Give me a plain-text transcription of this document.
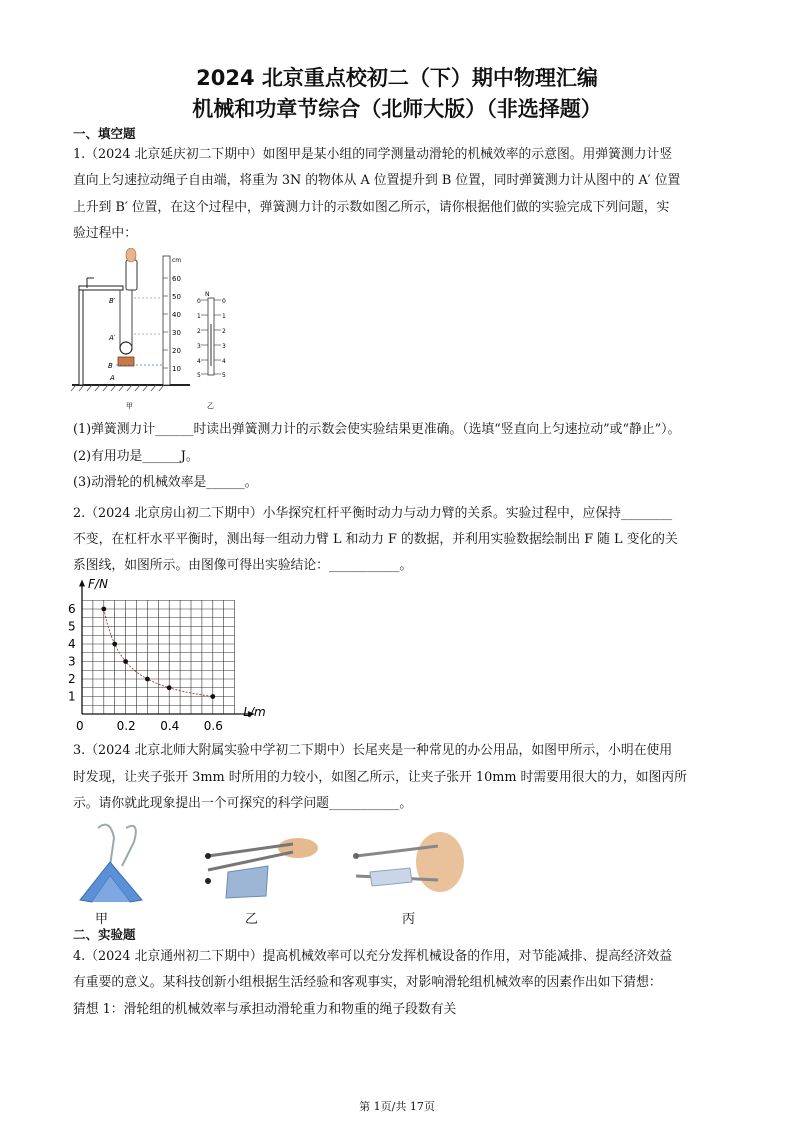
2024 北京重点校初二（下）期中物理汇编
机械和功章节综合（北师大版）（非选择题）
一、填空题
1.（2024 北京延庆初二下期中）如图甲是某小组的同学测量动滑轮的机械效率的示意图。用弹簧测力计竖
直向上匀速拉动绳子自由端，将重为 3N 的物体从 A 位置提升到 B 位置，同时弹簧测力计从图中的 A′ 位置
上升到 B′ 位置，在这个过程中，弹簧测力计的示数如图乙所示，请你根据他们做的实验完成下列问题，实
验过程中：
B′
A′
B
A
cm
60
50
40
30
20
10
甲
N
0
1
2
3
4
5
0
1
2
3
4
5
乙
(1)弹簧测力计______时读出弹簧测力计的示数会使实验结果更准确。（选填“竖直向上匀速拉动”或“静止”）。
(2)有用功是______J。
(3)动滑轮的机械效率是______。
2.（2024 北京房山初二下期中）小华探究杠杆平衡时动力与动力臂的关系。实验过程中，应保持________
不变，在杠杆水平平衡时，测出每一组动力臂 L 和动力 F 的数据，并利用实验数据绘制出 F 随 L 变化的关
系图线，如图所示。由图像可得出实验结论：___________。
1
2
3
4
5
6
0.2 0.4 0.6
F/N
L/m
0
3.（2024 北京北师大附属实验中学初二下期中）长尾夹是一种常见的办公用品，如图甲所示，小明在使用
时发现，让夹子张开 3mm 时所用的力较小，如图乙所示，让夹子张开 10mm 时需要用很大的力，如图丙所
示。请你就此现象提出一个可探究的科学问题___________。
甲	乙	丙
二、实验题
4.（2024 北京通州初二下期中）提高机械效率可以充分发挥机械设备的作用，对节能减排、提高经济效益
有重要的意义。某科技创新小组根据生活经验和客观事实，对影响滑轮组机械效率的因素作出如下猜想：
猜想 1：滑轮组的机械效率与承担动滑轮重力和物重的绳子段数有关
第 1页/共 17页
